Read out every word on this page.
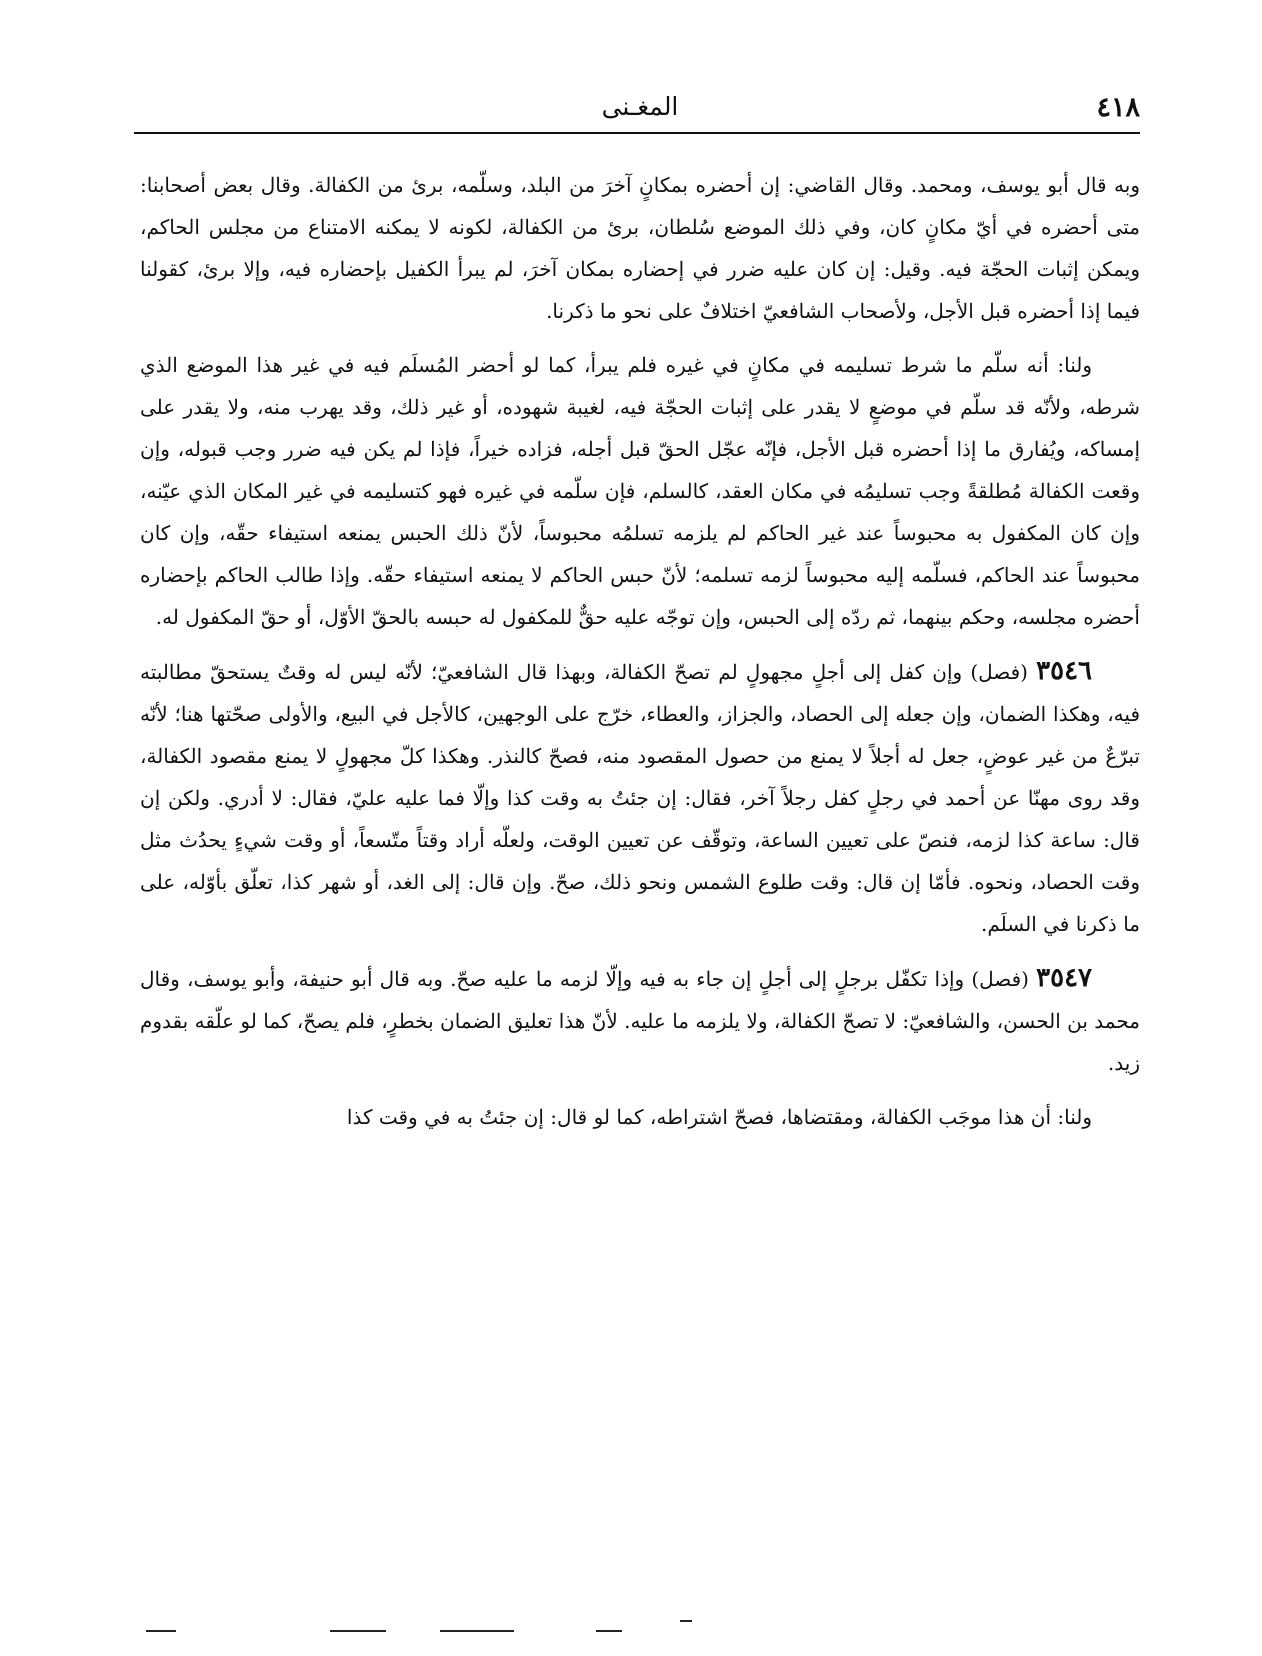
٤١٨
المغـنى

وبه قال أبو يوسف، ومحمد. وقال القاضي: إن أحضره بمكانٍ آخرَ من البلد، وسلّمه، برئ من الكفالة. وقال بعض أصحابنا: متى أحضره في أيّ مكانٍ كان، وفي ذلك الموضع سُلطان، برئ من الكفالة، لكونه لا يمكنه الامتناع من مجلس الحاكم، ويمكن إثبات الحجّة فيه. وقيل: إن كان عليه ضرر في إحضاره بمكان آخرَ، لم يبرأ الكفيل بإحضاره فيه، وإلا برئ، كقولنا فيما إذا أحضره قبل الأجل، ولأصحاب الشافعيّ اختلافٌ على نحو ما ذكرنا.

ولنا: أنه سلّم ما شرط تسليمه في مكانٍ في غيره فلم يبرأ، كما لو أحضر المُسلَم فيه في غير هذا الموضع الذي شرطه، ولأنّه قد سلّم في موضعٍ لا يقدر على إثبات الحجّة فيه، لغيبة شهوده، أو غير ذلك، وقد يهرب منه، ولا يقدر على إمساكه، ويُفارق ما إذا أحضره قبل الأجل، فإنّه عجّل الحقّ قبل أجله، فزاده خيراً، فإذا لم يكن فيه ضرر وجب قبوله، وإن وقعت الكفالة مُطلقةً وجب تسليمُه في مكان العقد، كالسلم، فإن سلّمه في غيره فهو كتسليمه في غير المكان الذي عيّنه، وإن كان المكفول به محبوساً عند غير الحاكم لم يلزمه تسلمُه محبوساً، لأنّ ذلك الحبس يمنعه استيفاء حقّه، وإن كان محبوساً عند الحاكم، فسلّمه إليه محبوساً لزمه تسلمه؛ لأنّ حبس الحاكم لا يمنعه استيفاء حقّه. وإذا طالب الحاكم بإحضاره أحضره مجلسه، وحكم بينهما، ثم ردّه إلى الحبس، وإن توجّه عليه حقٌّ للمكفول له حبسه بالحقّ الأوّل، أو حقّ المكفول له.

٣٥٤٦ (فصل) وإن كفل إلى أجلٍ مجهولٍ لم تصحّ الكفالة، وبهذا قال الشافعيّ؛ لأنّه ليس له وقتٌ يستحقّ مطالبته فيه، وهكذا الضمان، وإن جعله إلى الحصاد، والجزاز، والعطاء، خرّج على الوجهين، كالأجل في البيع، والأولى صحّتها هنا؛ لأنّه تبرّعٌ من غير عوضٍ، جعل له أجلاً لا يمنع من حصول المقصود منه، فصحّ كالنذر. وهكذا كلّ مجهولٍ لا يمنع مقصود الكفالة، وقد روى مهنّا عن أحمد في رجلٍ كفل رجلاً آخر، فقال: إن جئتُ به وقت كذا وإلّا فما عليه عليّ، فقال: لا أدري. ولكن إن قال: ساعة كذا لزمه، فنصّ على تعيين الساعة، وتوقّف عن تعيين الوقت، ولعلّه أراد وقتاً متّسعاً، أو وقت شيءٍ يحدُث مثل وقت الحصاد، ونحوه. فأمّا إن قال: وقت طلوع الشمس ونحو ذلك، صحّ. وإن قال: إلى الغد، أو شهر كذا، تعلّق بأوّله، على ما ذكرنا في السلَم.

٣٥٤٧ (فصل) وإذا تكفّل برجلٍ إلى أجلٍ إن جاء به فيه وإلّا لزمه ما عليه صحّ. وبه قال أبو حنيفة، وأبو يوسف، وقال محمد بن الحسن، والشافعيّ: لا تصحّ الكفالة، ولا يلزمه ما عليه. لأنّ هذا تعليق الضمان بخطرٍ، فلم يصحّ، كما لو علّقه بقدوم زيد.

ولنا: أن هذا موجَب الكفالة، ومقتضاها، فصحّ اشتراطه، كما لو قال: إن جئتُ به في وقت كذا
